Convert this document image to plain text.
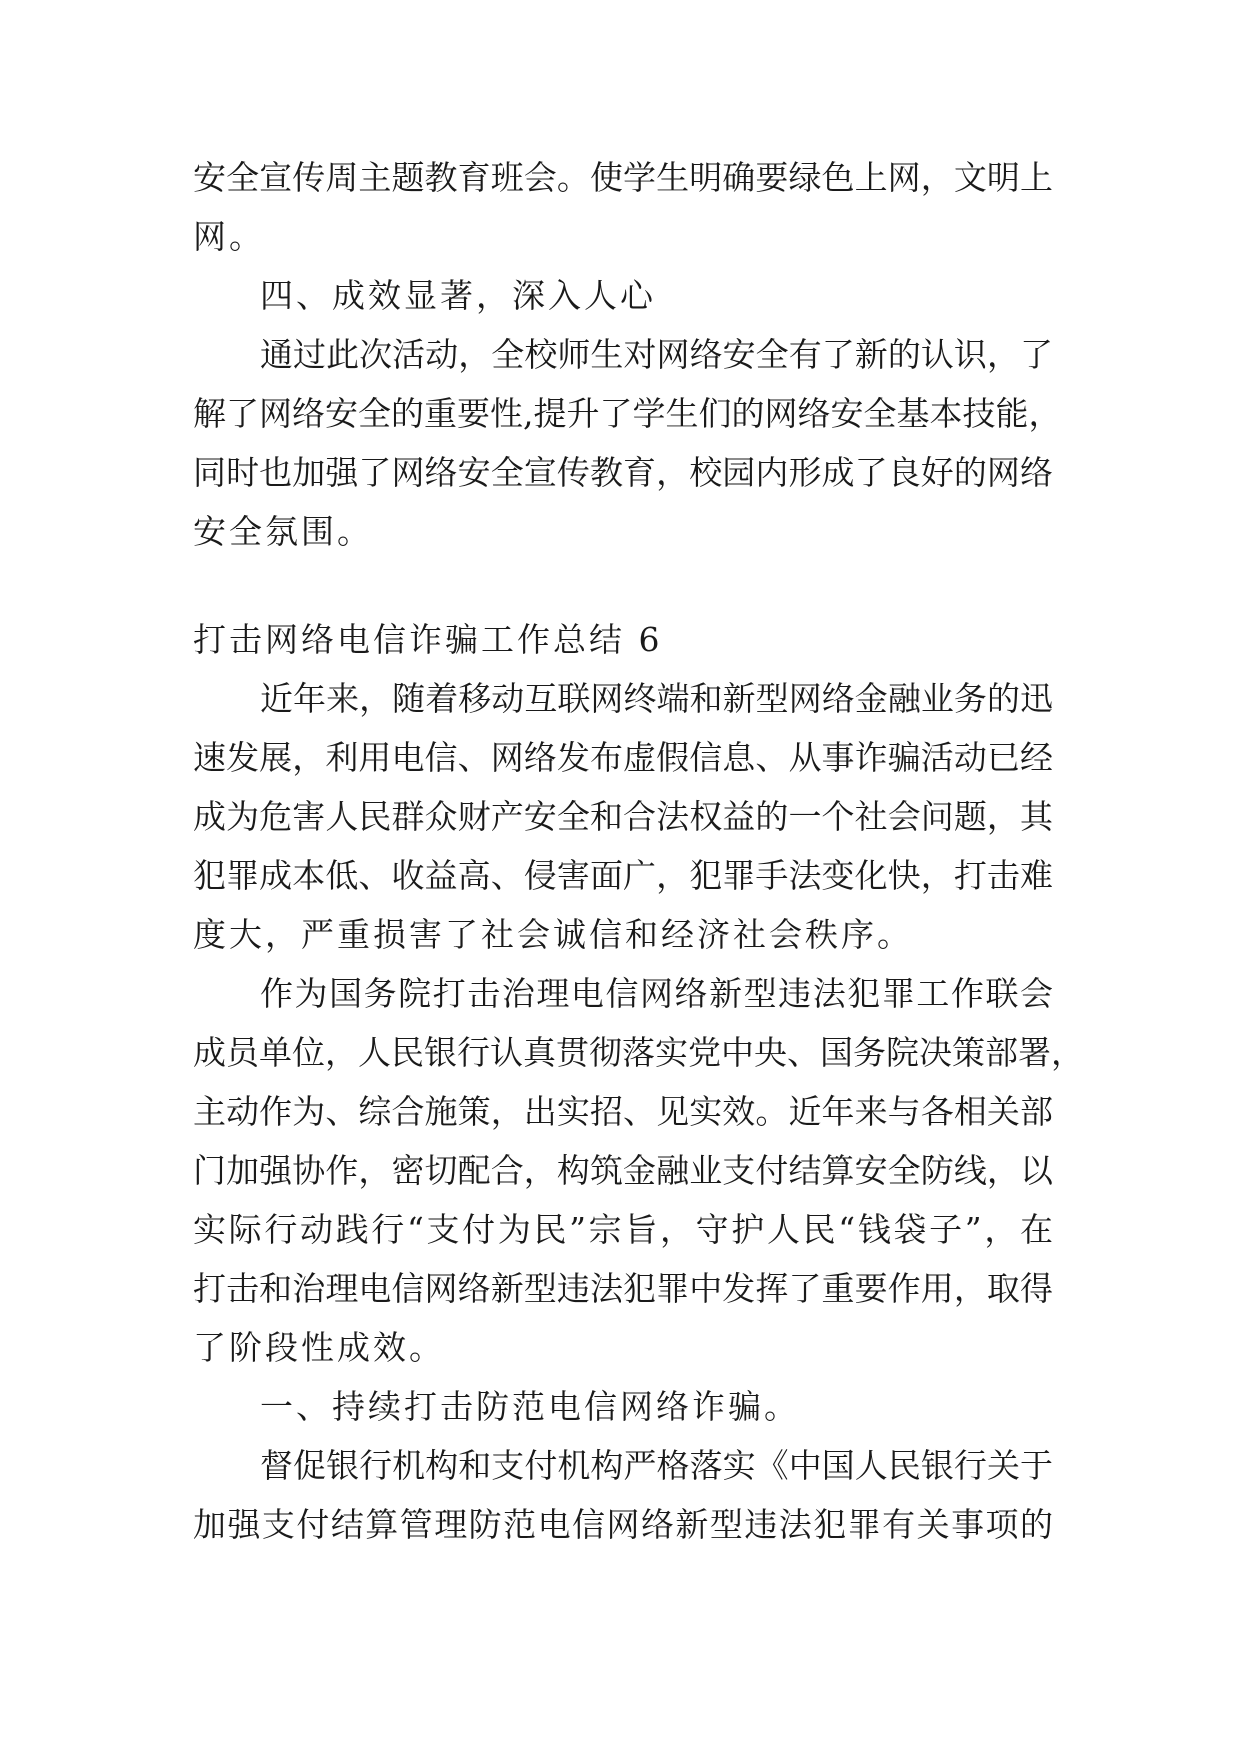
安全宣传周主题教育班会。使学生明确要绿色上网，文明上
网。
四、成效显著，深入人心
通过此次活动，全校师生对网络安全有了新的认识，了
解了网络安全的重要性,提升了学生们的网络安全基本技能，
同时也加强了网络安全宣传教育，校园内形成了良好的网络
安全氛围。
打击网络电信诈骗工作总结 6
近年来，随着移动互联网终端和新型网络金融业务的迅
速发展，利用电信、网络发布虚假信息、从事诈骗活动已经
成为危害人民群众财产安全和合法权益的一个社会问题，其
犯罪成本低、收益高、侵害面广，犯罪手法变化快，打击难
度大，严重损害了社会诚信和经济社会秩序。
作为国务院打击治理电信网络新型违法犯罪工作联会
成员单位，人民银行认真贯彻落实党中央、国务院决策部署，
主动作为、综合施策，出实招、见实效。近年来与各相关部
门加强协作，密切配合，构筑金融业支付结算安全防线，以
实际行动践行“支付为民”宗旨，守护人民“钱袋子”，在
打击和治理电信网络新型违法犯罪中发挥了重要作用，取得
了阶段性成效。
一、持续打击防范电信网络诈骗。
督促银行机构和支付机构严格落实《中国人民银行关于
加强支付结算管理防范电信网络新型违法犯罪有关事项的
